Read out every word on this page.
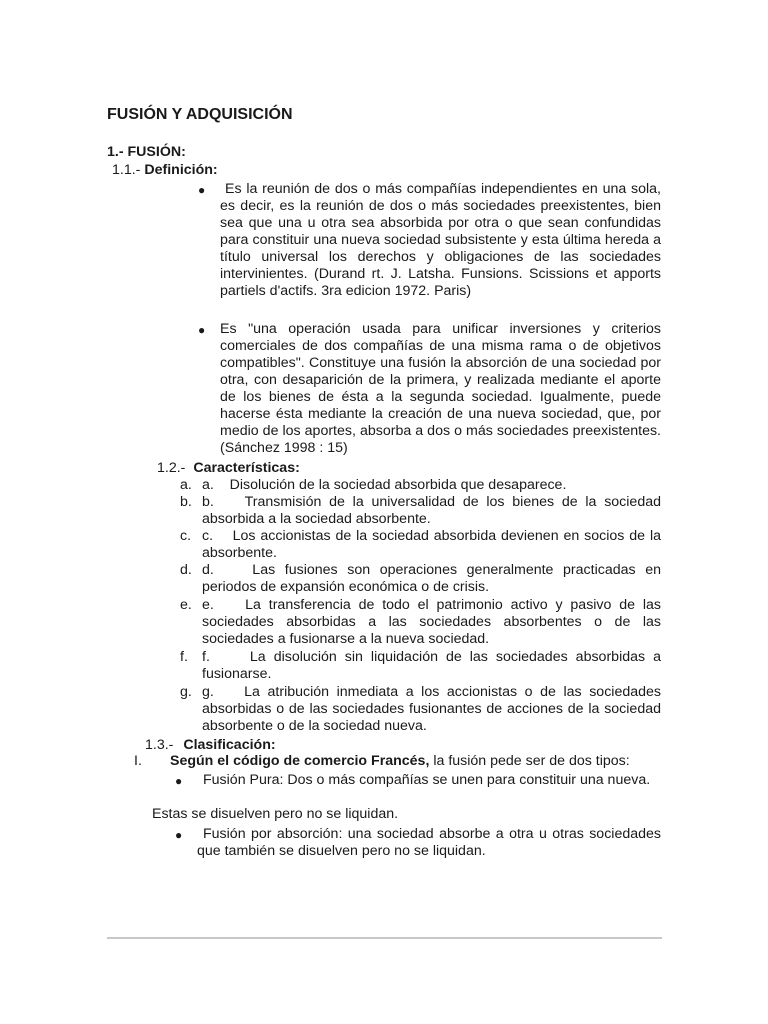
FUSIÓN Y ADQUISICIÓN
1.- FUSIÓN:
1.1.- Definición:
●	Es la reunión de dos o más compañías independientes en una sola, es decir, es la reunión de dos o más sociedades preexistentes, bien sea que una u otra sea absorbida por otra o que sean confundidas para constituir una nueva sociedad subsistente y esta última hereda a título universal los derechos y obligaciones de las sociedades intervinientes. (Durand rt. J. Latsha. Funsions. Scissions et apports partiels d'actifs. 3ra edicion 1972. Paris)
● Es "una operación usada para unificar inversiones y criterios comerciales de dos compañías de una misma rama o de objetivos compatibles". Constituye una fusión la absorción de una sociedad por otra, con desaparición de la primera, y realizada mediante el aporte de los bienes de ésta a la segunda sociedad. Igualmente, puede hacerse ésta mediante la creación de una nueva sociedad, que, por medio de los aportes, absorba a dos o más sociedades preexistentes. (Sánchez 1998 : 15)
1.2.- Características:
a. a.    Disolución de la sociedad absorbida que desaparece.
b. b.    Transmisión de la universalidad de los bienes de la sociedad absorbida a la sociedad absorbente.
c. c.    Los accionistas de la sociedad absorbida devienen en socios de la absorbente.
d. d.    Las fusiones son operaciones generalmente practicadas en periodos de expansión económica o de crisis.
e. e.    La transferencia de todo el patrimonio activo y pasivo de las sociedades absorbidas a las sociedades absorbentes o de las sociedades a fusionarse a la nueva sociedad.
f. f.     La disolución sin liquidación de las sociedades absorbidas a fusionarse.
g. g.    La atribución inmediata a los accionistas o de las sociedades absorbidas o de las sociedades fusionantes de acciones de la sociedad absorbente o de la sociedad nueva.
1.3.- Clasificación:
I. Según el código de comercio Francés, la fusión pede ser de dos tipos:
●	Fusión Pura: Dos o más compañías se unen para constituir una nueva.
Estas se disuelven pero no se liquidan.
●	Fusión por absorción: una sociedad absorbe a otra u otras sociedades que también se disuelven pero no se liquidan.
